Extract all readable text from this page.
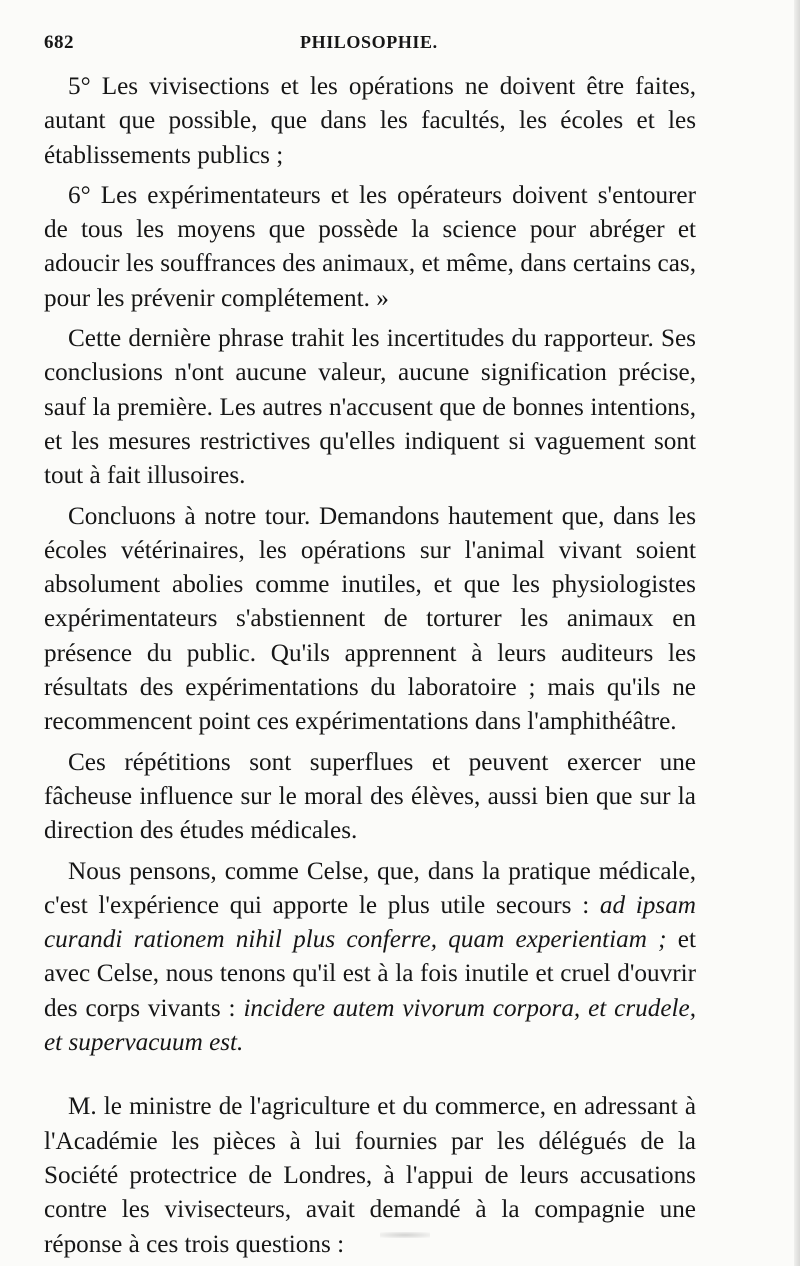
682	PHILOSOPHIE.

5° Les vivisections et les opérations ne doivent être faites, autant que possible, que dans les facultés, les écoles et les établissements publics ;

6° Les expérimentateurs et les opérateurs doivent s'entourer de tous les moyens que possède la science pour abréger et adoucir les souffrances des animaux, et même, dans certains cas, pour les prévenir complétement. »

Cette dernière phrase trahit les incertitudes du rapporteur. Ses conclusions n'ont aucune valeur, aucune signification précise, sauf la première. Les autres n'accusent que de bonnes intentions, et les mesures restrictives qu'elles indiquent si vaguement sont tout à fait illusoires.

Concluons à notre tour. Demandons hautement que, dans les écoles vétérinaires, les opérations sur l'animal vivant soient absolument abolies comme inutiles, et que les physiologistes expérimentateurs s'abstiennent de torturer les animaux en présence du public. Qu'ils apprennent à leurs auditeurs les résultats des expérimentations du laboratoire ; mais qu'ils ne recommencent point ces expérimentations dans l'amphithéâtre.

Ces répétitions sont superflues et peuvent exercer une fâcheuse influence sur le moral des élèves, aussi bien que sur la direction des études médicales.

Nous pensons, comme Celse, que, dans la pratique médicale, c'est l'expérience qui apporte le plus utile secours : ad ipsam curandi rationem nihil plus conferre, quam experientiam ; et avec Celse, nous tenons qu'il est à la fois inutile et cruel d'ouvrir des corps vivants : incidere autem vivorum corpora, et crudele, et supervacuum est.

M. le ministre de l'agriculture et du commerce, en adressant à l'Académie les pièces à lui fournies par les délégués de la Société protectrice de Londres, à l'appui de leurs accusations contre les vivisecteurs, avait demandé à la compagnie une réponse à ces trois questions :
